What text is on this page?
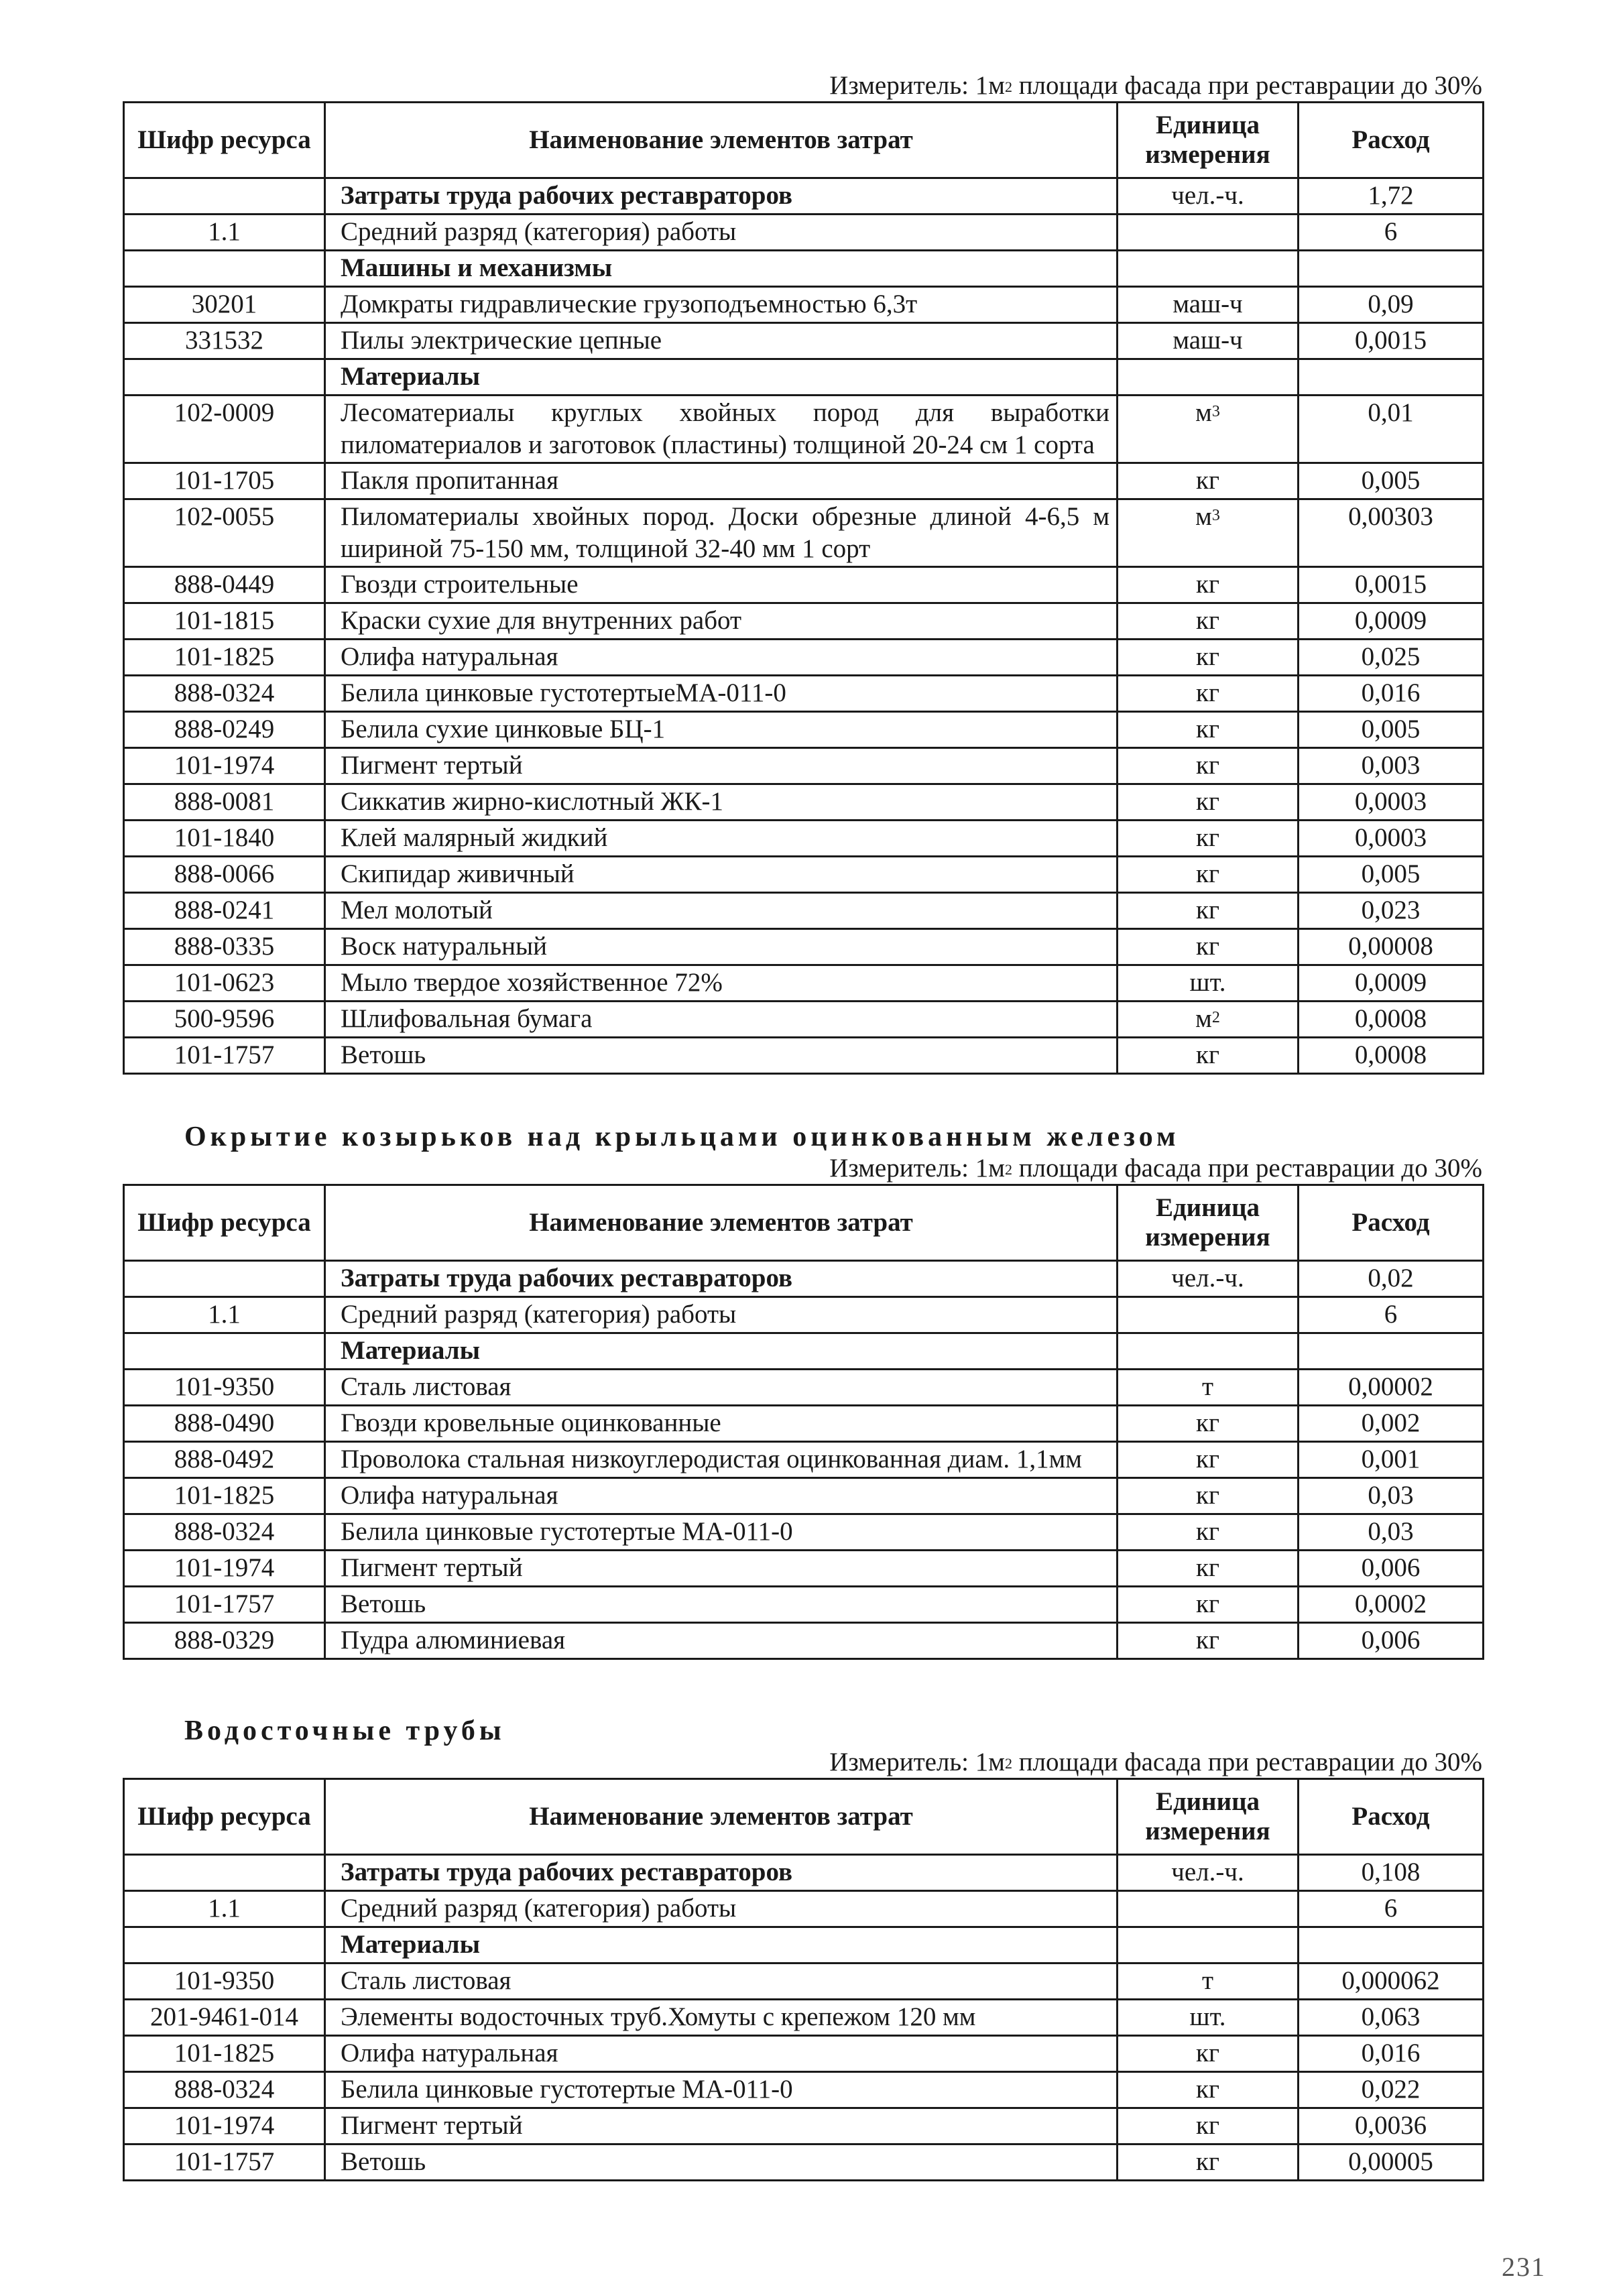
Измеритель: $1м^2$ площади фасада при реставрации до 30%
Шифр ресурса	Наименование элементов затрат	Единица измерения	Расход
	Затраты труда рабочих реставраторов	чел.-ч.	1,72
1.1	Средний разряд (категория) работы		6
	Машины и механизмы		
30201	Домкраты гидравлические грузоподъемностью 6,3т	маш-ч	0,09
331532	Пилы электрические цепные	маш-ч	0,0015
	Материалы		
102-0009	Лесоматериалы круглых хвойных пород для выработки пиломатериалов и заготовок (пластины) толщиной 20-24 см 1 сорта	$м^3$	0,01
101-1705	Пакля пропитанная	кг	0,005
102-0055	Пиломатериалы хвойных пород. Доски обрезные длиной 4-6,5 м шириной 75-150 мм, толщиной 32-40 мм 1 сорт	$м^3$	0,00303
888-0449	Гвозди строительные	кг	0,0015
101-1815	Краски сухие для внутренних работ	кг	0,0009
101-1825	Олифа натуральная	кг	0,025
888-0324	Белила цинковые густотертыеМА-011-0	кг	0,016
888-0249	Белила сухие цинковые БЦ-1	кг	0,005
101-1974	Пигмент тертый	кг	0,003
888-0081	Сиккатив жирно-кислотный ЖК-1	кг	0,0003
101-1840	Клей малярный жидкий	кг	0,0003
888-0066	Скипидар живичный	кг	0,005
888-0241	Мел молотый	кг	0,023
888-0335	Воск натуральный	кг	0,00008
101-0623	Мыло твердое хозяйственное 72%	шт.	0,0009
500-9596	Шлифовальная бумага	$м^2$	0,0008
101-1757	Ветошь	кг	0,0008
Окрытие козырьков над крыльцами оцинкованным железом
Измеритель: $1м^2$ площади фасада при реставрации до 30%
Шифр ресурса	Наименование элементов затрат	Единица измерения	Расход
	Затраты труда рабочих реставраторов	чел.-ч.	0,02
1.1	Средний разряд (категория) работы		6
	Материалы		
101-9350	Сталь листовая	т	0,00002
888-0490	Гвозди кровельные оцинкованные	кг	0,002
888-0492	Проволока стальная низкоуглеродистая оцинкованная диам. 1,1мм	кг	0,001
101-1825	Олифа натуральная	кг	0,03
888-0324	Белила цинковые густотертые МА-011-0	кг	0,03
101-1974	Пигмент тертый	кг	0,006
101-1757	Ветошь	кг	0,0002
888-0329	Пудра алюминиевая	кг	0,006
Водосточные трубы
Измеритель: $1м^2$ площади фасада при реставрации до 30%
Шифр ресурса	Наименование элементов затрат	Единица измерения	Расход
	Затраты труда рабочих реставраторов	чел.-ч.	0,108
1.1	Средний разряд (категория) работы		6
	Материалы		
101-9350	Сталь листовая	т	0,000062
201-9461-014	Элементы водосточных труб.Хомуты с крепежом 120 мм	шт.	0,063
101-1825	Олифа натуральная	кг	0,016
888-0324	Белила цинковые густотертые МА-011-0	кг	0,022
101-1974	Пигмент тертый	кг	0,0036
101-1757	Ветошь	кг	0,00005
231
